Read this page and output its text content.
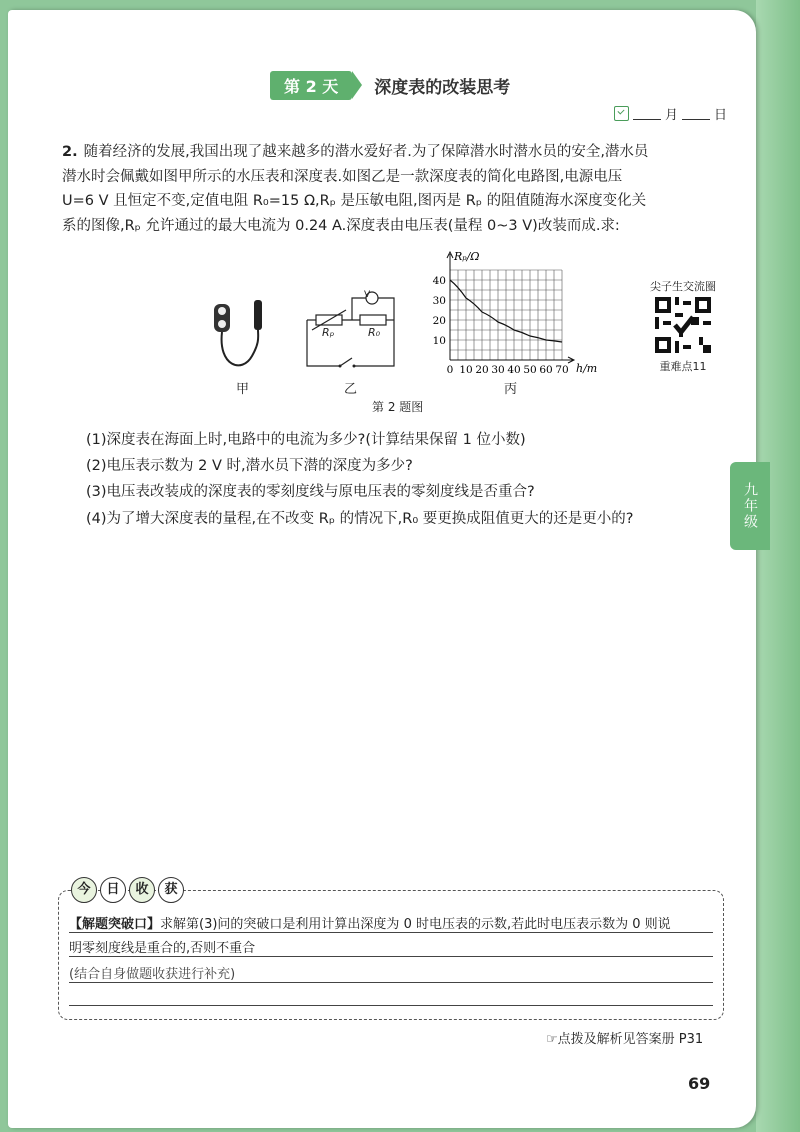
九年级
第 2 天	深度表的改装思考
月	日
2. 随着经济的发展,我国出现了越来越多的潜水爱好者.为了保障潜水时潜水员的安全,潜水员
潜水时会佩戴如图甲所示的水压表和深度表.如图乙是一款深度表的简化电路图,电源电压
U=6 V 且恒定不变,定值电阻 R₀=15 Ω,Rₚ 是压敏电阻,图丙是 Rₚ 的阻值随海水深度变化关
系的图像,Rₚ 允许通过的最大电流为 0.24 A.深度表由电压表(量程 0~3 V)改装而成.求:
甲
V
Rₚ	R₀
乙
0 10 20 30 40 50 60 70
10
20
30
40
Rₚ/Ω
h/m
丙
第 2 题图
尖子生交流圈
重难点11
(1)深度表在海面上时,电路中的电流为多少?(计算结果保留 1 位小数)
(2)电压表示数为 2 V 时,潜水员下潜的深度为多少?
(3)电压表改装成的深度表的零刻度线与原电压表的零刻度线是否重合?
(4)为了增大深度表的量程,在不改变 Rₚ 的情况下,R₀ 要更换成阻值更大的还是更小的?
今	日	收	获
【解题突破口】求解第(3)问的突破口是利用计算出深度为 0 时电压表的示数,若此时电压表示数为 0 则说
明零刻度线是重合的,否则不重合
(结合自身做题收获进行补充)
☞点拨及解析见答案册 P31
69
